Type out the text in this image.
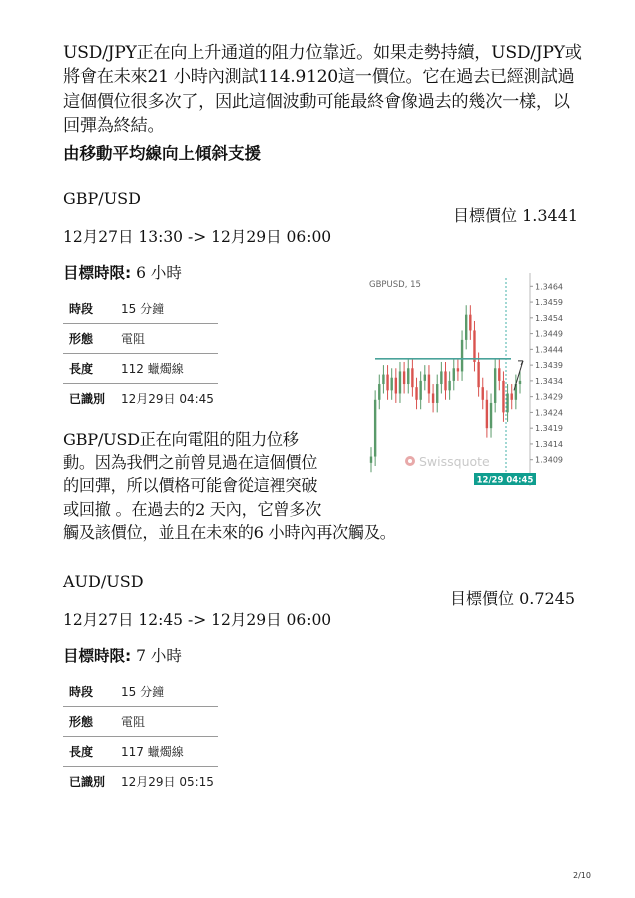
USD/JPY正在向上升通道的阻力位靠近。如果走勢持續，USD/JPY或將會在未來21 小時內測試114.9120這一價位。它在過去已經測試過這個價位很多次了，因此這個波動可能最終會像過去的幾次一樣，以回彈為終結。
由移動平均線向上傾斜支援
GBP/USD
目標價位 1.3441
12月27日 13:30 -> 12月29日 06:00
目標時限: 6 小時
時段	15 分鐘
形態	電阻
長度	112 蠟燭線
已識別	12月29日 04:45
GBP/USD正在向電阻的阻力位移
動。因為我們之前曾見過在這個價位
的回彈，所以價格可能會從這裡突破
或回撤 。在過去的2 天內，它曾多次
觸及該價位，並且在未來的6 小時內再次觸及。
GBPUSD, 15	1.3464
1.3459
1.3454
1.3449
1.3444
1.3439
1.3434
1.3429
1.3424
1.3419
1.3414
1.3409
Swissquote
12/29 04:45
AUD/USD
目標價位 0.7245
12月27日 12:45 -> 12月29日 06:00
目標時限: 7 小時
時段	15 分鐘
形態	電阻
長度	117 蠟燭線
已識別	12月29日 05:15
2/10
